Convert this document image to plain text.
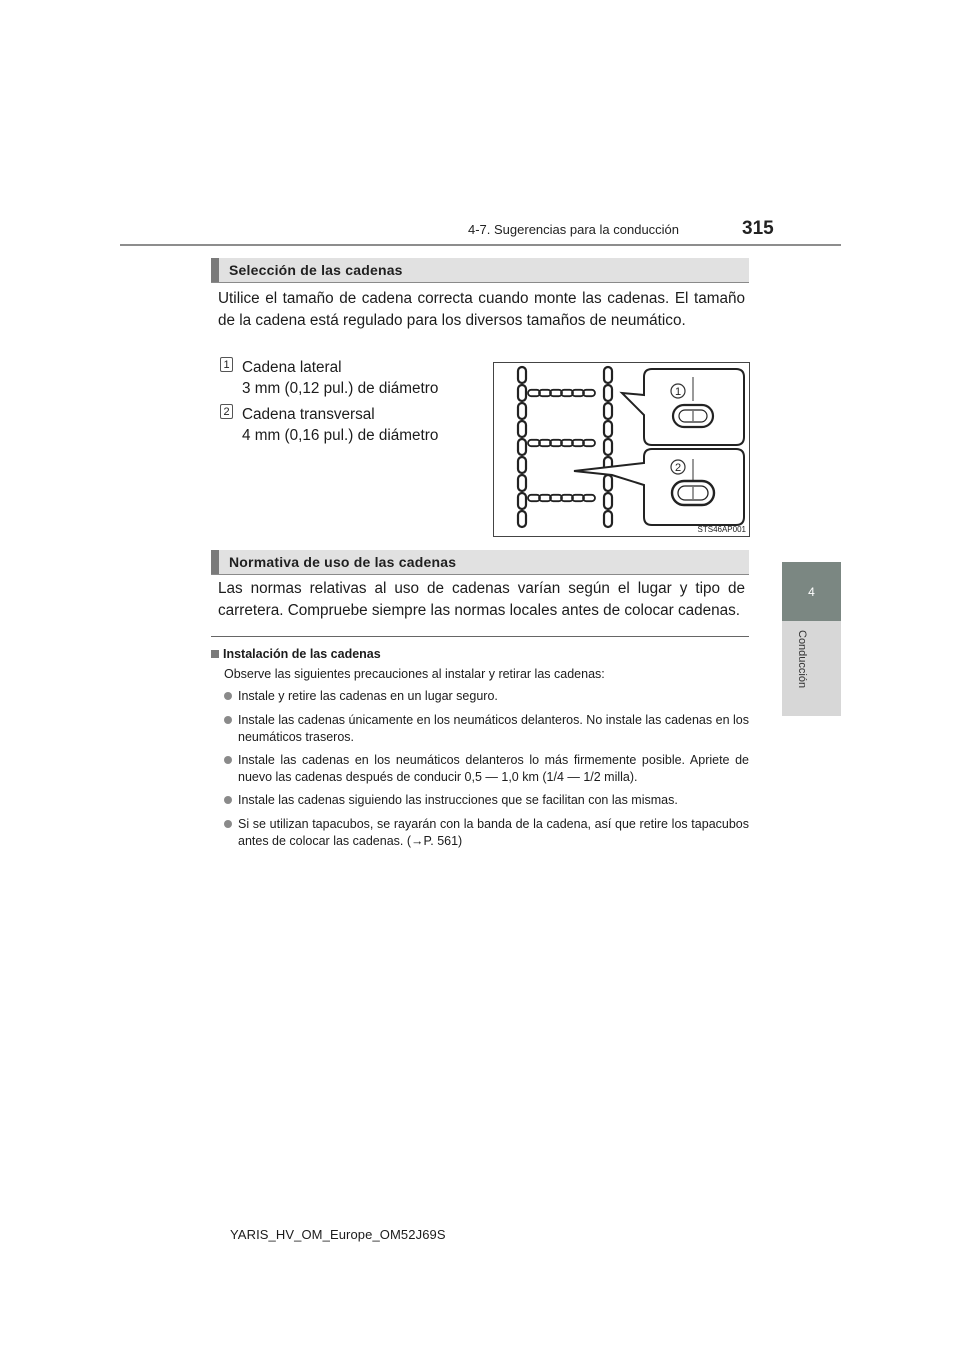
4-7. Sugerencias para la conducción	315
4
Conducción
Selección de las cadenas
Utilice el tamaño de cadena correcta cuando monte las cadenas. El tamaño de la cadena está regulado para los diversos tamaños de neumático.
1 Cadena lateral
3 mm (0,12 pul.) de diámetro
2 Cadena transversal
4 mm (0,16 pul.) de diámetro
1
2
STS46AP001
Normativa de uso de las cadenas
Las normas relativas al uso de cadenas varían según el lugar y tipo de carretera. Compruebe siempre las normas locales antes de colocar cadenas.
Instalación de las cadenas
Observe las siguientes precauciones al instalar y retirar las cadenas:
Instale y retire las cadenas en un lugar seguro.
Instale las cadenas únicamente en los neumáticos delanteros. No instale las cadenas en los neumáticos traseros.
Instale las cadenas en los neumáticos delanteros lo más firmemente posible. Apriete de nuevo las cadenas después de conducir 0,5 — 1,0 km (1/4 — 1/2 milla).
Instale las cadenas siguiendo las instrucciones que se facilitan con las mismas.
Si se utilizan tapacubos, se rayarán con la banda de la cadena, así que retire los tapacubos antes de colocar las cadenas. (→P. 561)
YARIS_HV_OM_Europe_OM52J69S
